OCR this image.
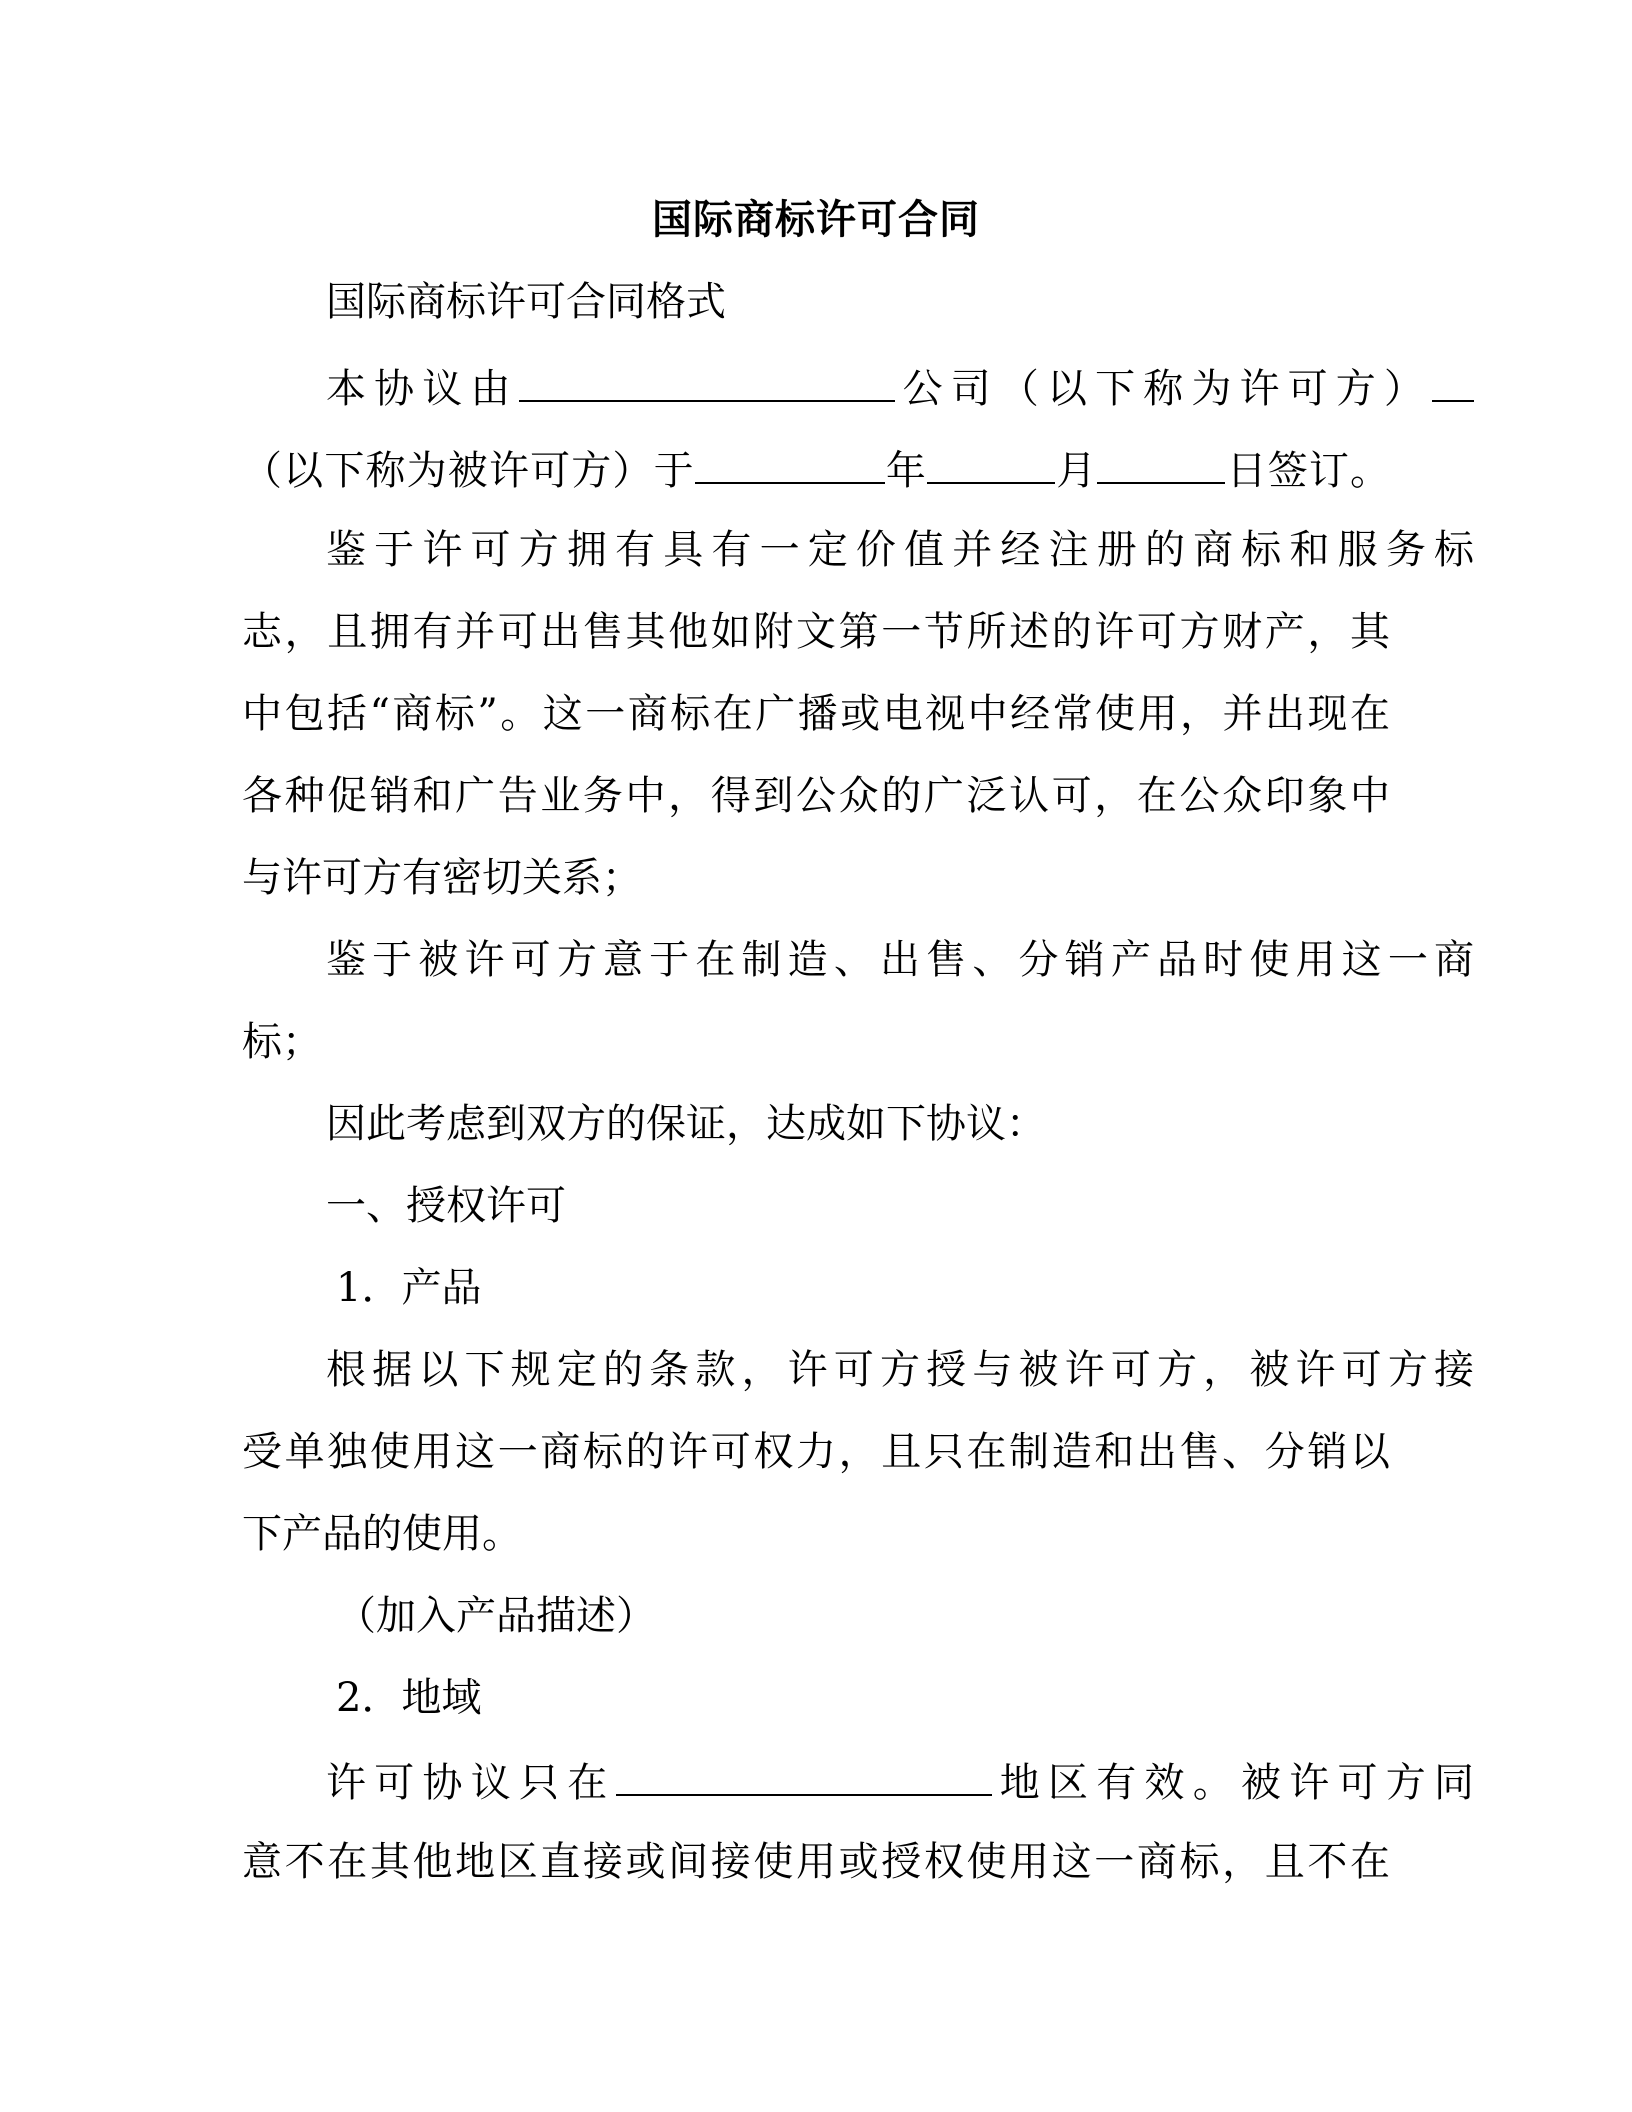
国际商标许可合同
国际商标许可合同格式
本协议由	公司（以下称为许可方）
（以下称为被许可方）于	年	月	日签订。
鉴于许可方拥有具有一定价值并经注册的商标和服务标
志，且拥有并可出售其他如附文第一节所述的许可方财产，其
中包括“商标”。这一商标在广播或电视中经常使用，并出现在
各种促销和广告业务中，得到公众的广泛认可，在公众印象中
与许可方有密切关系；
鉴于被许可方意于在制造、出售、分销产品时使用这一商
标；
因此考虑到双方的保证，达成如下协议：
一、授权许可
1．产品
根据以下规定的条款，许可方授与被许可方，被许可方接
受单独使用这一商标的许可权力，且只在制造和出售、分销以
下产品的使用。
（加入产品描述）
2．地域
许可协议只在	地区有效。被许可方同
意不在其他地区直接或间接使用或授权使用这一商标，且不在
